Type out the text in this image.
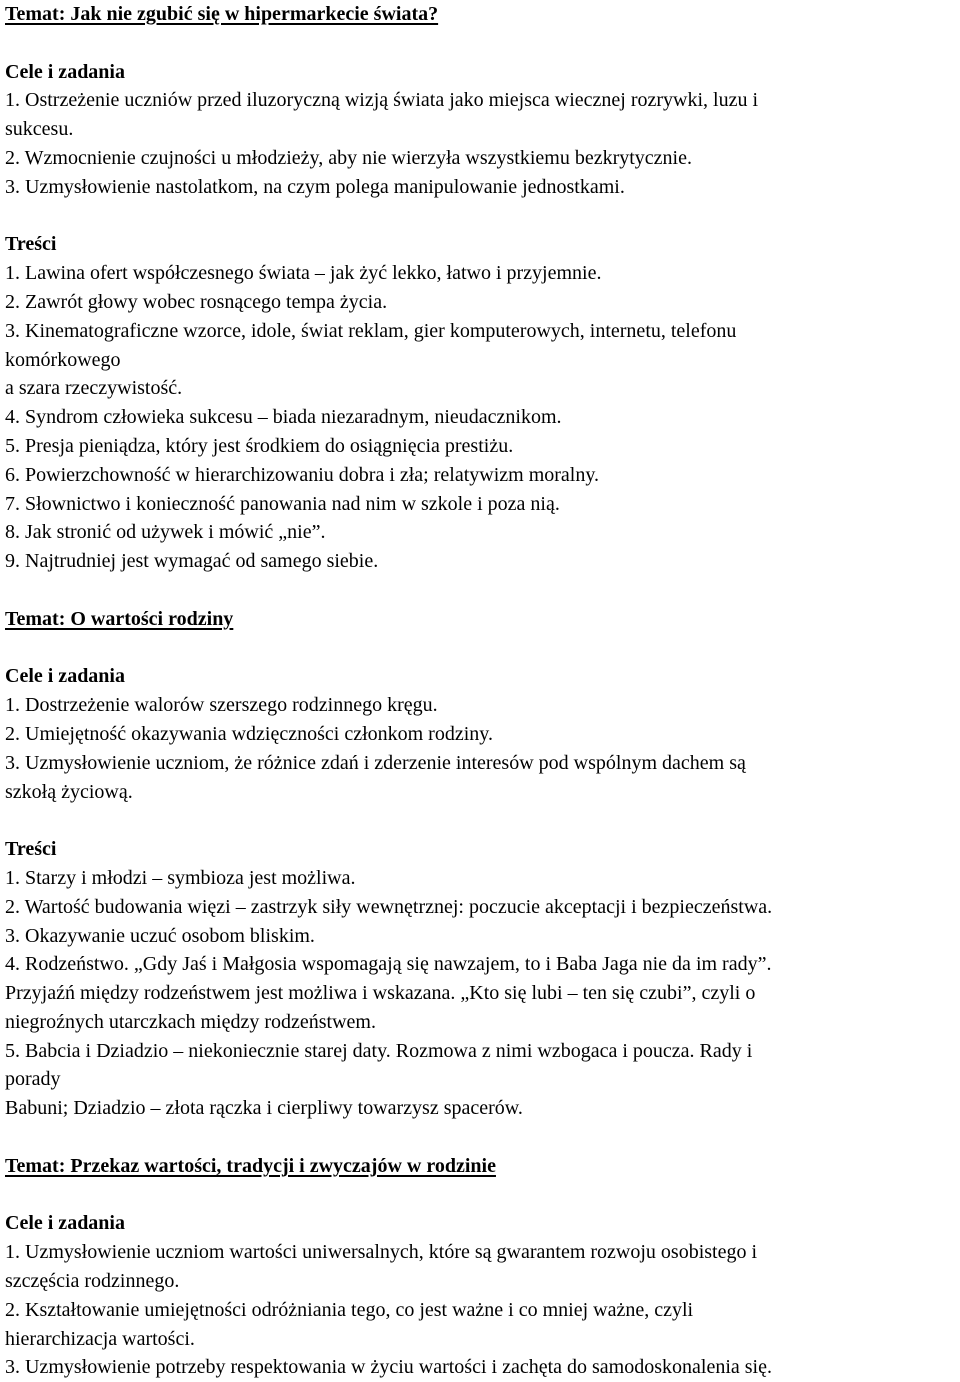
Temat: Jak nie zgubić się w hipermarkecie świata?

Cele i zadania

1. Ostrzeżenie uczniów przed iluzoryczną wizją świata jako miejsca wiecznej rozrywki, luzu i

sukcesu.

2. Wzmocnienie czujności u młodzieży, aby nie wierzyła wszystkiemu bezkrytycznie.

3. Uzmysłowienie nastolatkom, na czym polega manipulowanie jednostkami.

Treści

1. Lawina ofert współczesnego świata – jak żyć lekko, łatwo i przyjemnie.

2. Zawrót głowy wobec rosnącego tempa życia.

3. Kinematograficzne wzorce, idole, świat reklam, gier komputerowych, internetu, telefonu

komórkowego

a szara rzeczywistość.

4. Syndrom człowieka sukcesu – biada niezaradnym, nieudacznikom.

5. Presja pieniądza, który jest środkiem do osiągnięcia prestiżu.

6. Powierzchowność w hierarchizowaniu dobra i zła; relatywizm moralny.

7. Słownictwo i konieczność panowania nad nim w szkole i poza nią.

8. Jak stronić od używek i mówić „nie”.

9. Najtrudniej jest wymagać od samego siebie.

Temat: O wartości rodziny

Cele i zadania

1. Dostrzeżenie walorów szerszego rodzinnego kręgu.

2. Umiejętność okazywania wdzięczności członkom rodziny.

3. Uzmysłowienie uczniom, że różnice zdań i zderzenie interesów pod wspólnym dachem są

szkołą życiową.

Treści

1. Starzy i młodzi – symbioza jest możliwa.

2. Wartość budowania więzi – zastrzyk siły wewnętrznej: poczucie akceptacji i bezpieczeństwa.

3. Okazywanie uczuć osobom bliskim.

4. Rodzeństwo. „Gdy Jaś i Małgosia wspomagają się nawzajem, to i Baba Jaga nie da im rady”.

Przyjaźń między rodzeństwem jest możliwa i wskazana. „Kto się lubi – ten się czubi”, czyli o

niegroźnych utarczkach między rodzeństwem.

5. Babcia i Dziadzio – niekoniecznie starej daty. Rozmowa z nimi wzbogaca i poucza. Rady i

porady

Babuni; Dziadzio – złota rączka i cierpliwy towarzysz spacerów.

Temat: Przekaz wartości, tradycji i zwyczajów w rodzinie

Cele i zadania

1. Uzmysłowienie uczniom wartości uniwersalnych, które są gwarantem rozwoju osobistego i

szczęścia rodzinnego.

2. Kształtowanie umiejętności odróżniania tego, co jest ważne i co mniej ważne, czyli

hierarchizacja wartości.

3. Uzmysłowienie potrzeby respektowania w życiu wartości i zachęta do samodoskonalenia się.
